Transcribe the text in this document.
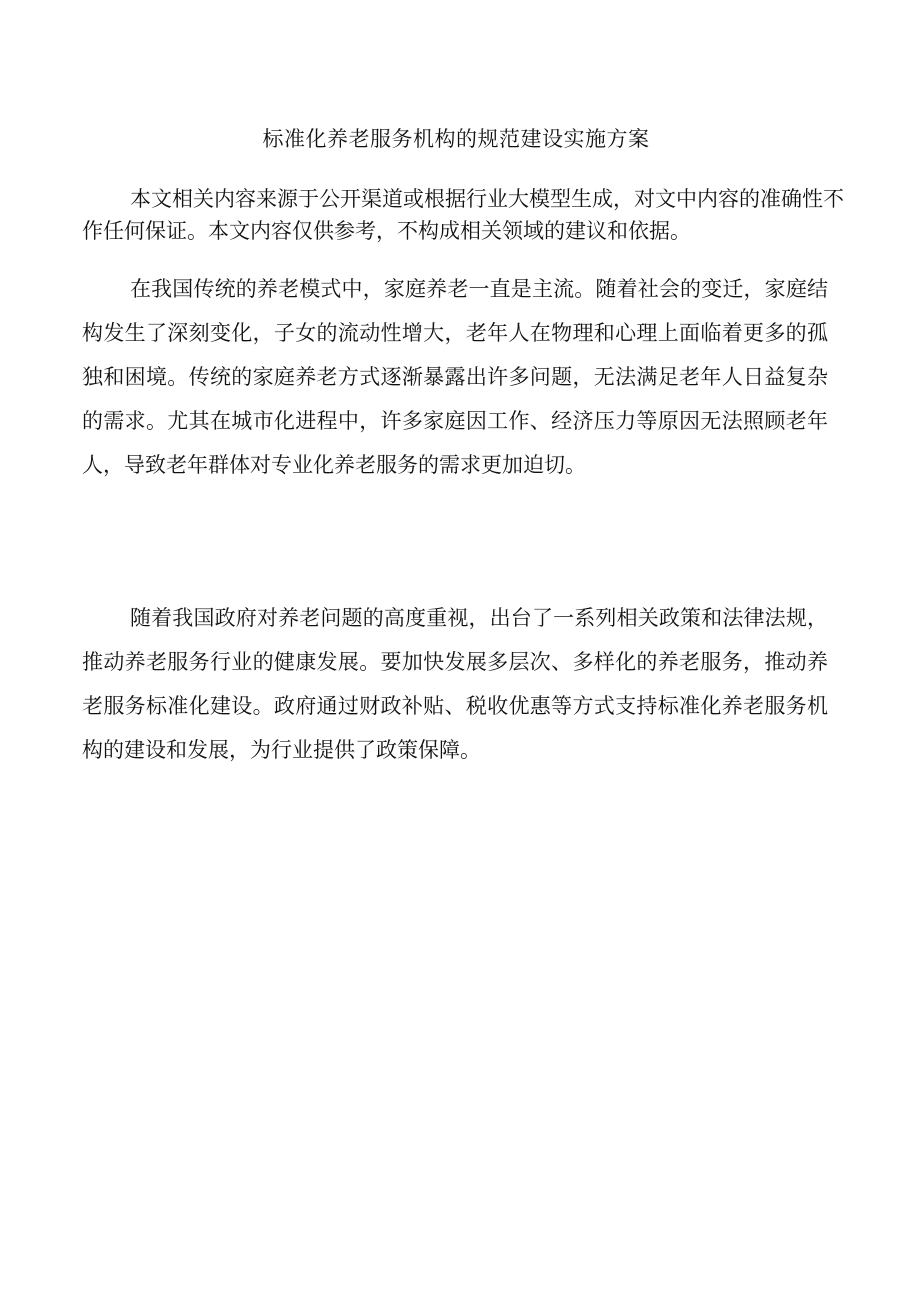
标准化养老服务机构的规范建设实施方案

本文相关内容来源于公开渠道或根据行业大模型生成，对文中内容的准确性不作任何保证。本文内容仅供参考，不构成相关领域的建议和依据。

在我国传统的养老模式中，家庭养老一直是主流。随着社会的变迁，家庭结构发生了深刻变化，子女的流动性增大，老年人在物理和心理上面临着更多的孤独和困境。传统的家庭养老方式逐渐暴露出许多问题，无法满足老年人日益复杂的需求。尤其在城市化进程中，许多家庭因工作、经济压力等原因无法照顾老年人，导致老年群体对专业化养老服务的需求更加迫切。

随着我国政府对养老问题的高度重视，出台了一系列相关政策和法律法规，推动养老服务行业的健康发展。要加快发展多层次、多样化的养老服务，推动养老服务标准化建设。政府通过财政补贴、税收优惠等方式支持标准化养老服务机构的建设和发展，为行业提供了政策保障。
